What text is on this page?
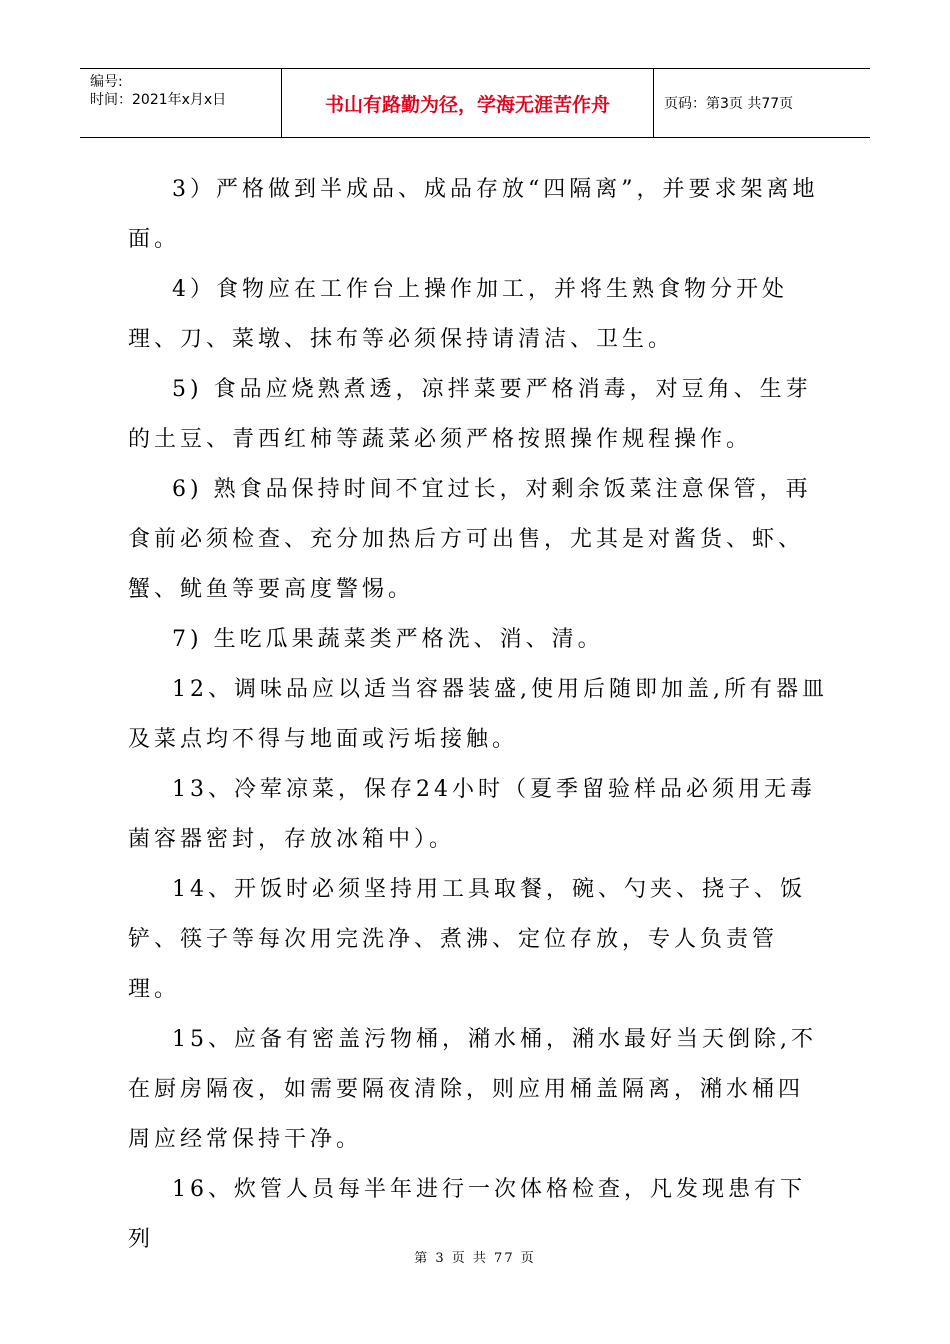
编号:
时间：2021年x月x日	书山有路勤为径，学海无涯苦作舟	页码：第3页 共77页

3）严格做到半成品、成品存放“四隔离”，并要求架离地面。

4）食物应在工作台上操作加工，并将生熟食物分开处理、刀、菜墩、抹布等必须保持请清洁、卫生。

5) 食品应烧熟煮透，凉拌菜要严格消毒，对豆角、生芽的土豆、青西红柿等蔬菜必须严格按照操作规程操作。

6) 熟食品保持时间不宜过长，对剩余饭菜注意保管，再食前必须检查、充分加热后方可出售，尤其是对酱货、虾、蟹、鱿鱼等要高度警惕。

7) 生吃瓜果蔬菜类严格洗、消、清。

12、调味品应以适当容器装盛,使用后随即加盖,所有器皿及菜点均不得与地面或污垢接触。

13、冷荤凉菜，保存24小时（夏季留验样品必须用无毒菌容器密封，存放冰箱中）。

14、开饭时必须坚持用工具取餐，碗、勺夹、挠子、饭铲、筷子等每次用完洗净、煮沸、定位存放，专人负责管理。

15、应备有密盖污物桶，潲水桶，潲水最好当天倒除,不在厨房隔夜，如需要隔夜清除，则应用桶盖隔离，潲水桶四周应经常保持干净。

16、炊管人员每半年进行一次体格检查，凡发现患有下列

第 3 页 共 77 页
